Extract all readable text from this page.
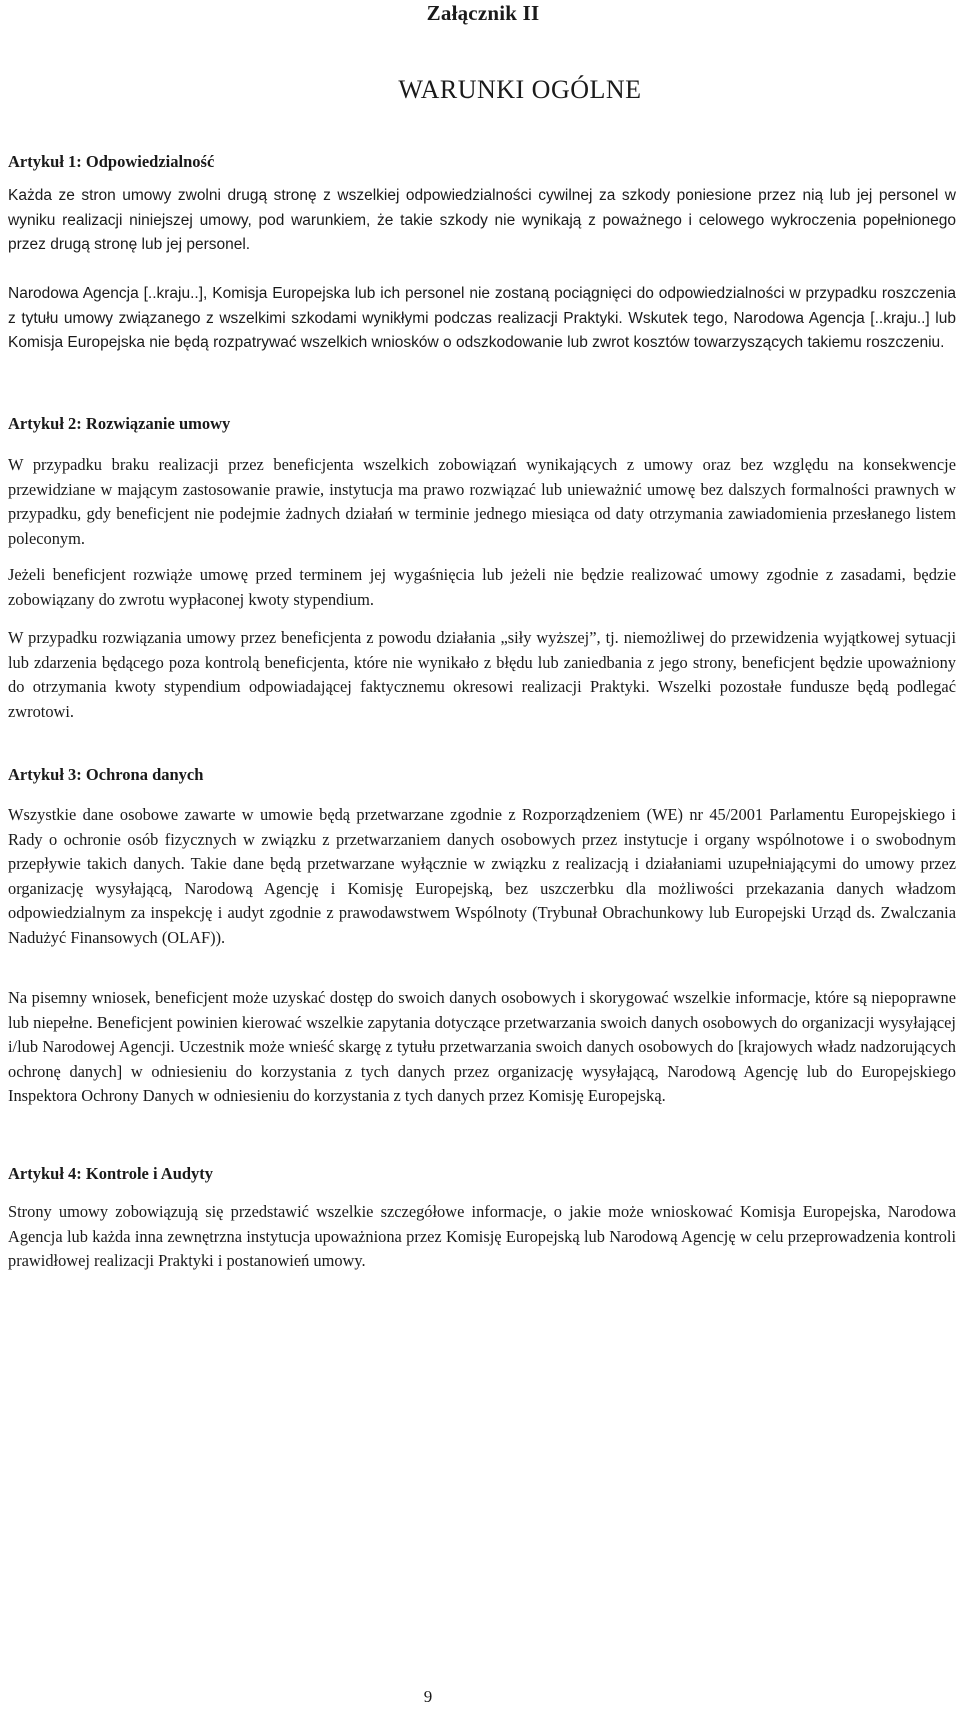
Załącznik II
WARUNKI OGÓLNE
Artykuł 1: Odpowiedzialność

Każda ze stron umowy zwolni drugą stronę z wszelkiej odpowiedzialności cywilnej za szkody poniesione przez nią lub jej personel w wyniku realizacji niniejszej umowy, pod warunkiem, że takie szkody nie wynikają z poważnego i celowego wykroczenia popełnionego przez drugą stronę lub jej personel.

Narodowa Agencja [..kraju..], Komisja Europejska lub ich personel nie zostaną pociągnięci do odpowiedzialności w przypadku roszczenia z tytułu umowy związanego z wszelkimi szkodami wynikłymi podczas realizacji Praktyki. Wskutek tego, Narodowa Agencja [..kraju..] lub Komisja Europejska nie będą rozpatrywać wszelkich wniosków o odszkodowanie lub zwrot kosztów towarzyszących takiemu roszczeniu.

Artykuł 2: Rozwiązanie umowy

W przypadku braku realizacji przez beneficjenta wszelkich zobowiązań wynikających z umowy oraz bez względu na konsekwencje przewidziane w mającym zastosowanie prawie, instytucja ma prawo rozwiązać lub unieważnić umowę bez dalszych formalności prawnych w przypadku, gdy beneficjent nie podejmie żadnych działań w terminie jednego miesiąca od daty otrzymania zawiadomienia przesłanego listem poleconym.

Jeżeli beneficjent rozwiąże umowę przed terminem jej wygaśnięcia lub jeżeli nie będzie realizować umowy zgodnie z zasadami, będzie zobowiązany do zwrotu wypłaconej kwoty stypendium.

W przypadku rozwiązania umowy przez beneficjenta z powodu działania „siły wyższej”, tj. niemożliwej do przewidzenia wyjątkowej sytuacji lub zdarzenia będącego poza kontrolą beneficjenta, które nie wynikało z błędu lub zaniedbania z jego strony, beneficjent będzie upoważniony do otrzymania kwoty stypendium odpowiadającej faktycznemu okresowi realizacji Praktyki. Wszelki pozostałe fundusze będą podlegać zwrotowi.

Artykuł 3: Ochrona danych

Wszystkie dane osobowe zawarte w umowie będą przetwarzane zgodnie z Rozporządzeniem (WE) nr 45/2001 Parlamentu Europejskiego i Rady o ochronie osób fizycznych w związku z przetwarzaniem danych osobowych przez instytucje i organy wspólnotowe i o swobodnym przepływie takich danych. Takie dane będą przetwarzane wyłącznie w związku z realizacją i działaniami uzupełniającymi do umowy przez organizację wysyłającą, Narodową Agencję i Komisję Europejską, bez uszczerbku dla możliwości przekazania danych władzom odpowiedzialnym za inspekcję i audyt zgodnie z prawodawstwem Wspólnoty (Trybunał Obrachunkowy lub Europejski Urząd ds. Zwalczania Nadużyć Finansowych (OLAF)).

Na pisemny wniosek, beneficjent może uzyskać dostęp do swoich danych osobowych i skorygować wszelkie informacje, które są niepoprawne lub niepełne. Beneficjent powinien kierować wszelkie zapytania dotyczące przetwarzania swoich danych osobowych do organizacji wysyłającej i/lub Narodowej Agencji. Uczestnik może wnieść skargę z tytułu przetwarzania swoich danych osobowych do [krajowych władz nadzorujących ochronę danych] w odniesieniu do korzystania z tych danych przez organizację wysyłającą, Narodową Agencję lub do Europejskiego Inspektora Ochrony Danych w odniesieniu do korzystania z tych danych przez Komisję Europejską.

Artykuł 4: Kontrole i Audyty

Strony umowy zobowiązują się przedstawić wszelkie szczegółowe informacje, o jakie może wnioskować Komisja Europejska, Narodowa Agencja lub każda inna zewnętrzna instytucja upoważniona przez Komisję Europejską lub Narodową Agencję w celu przeprowadzenia kontroli prawidłowej realizacji Praktyki i postanowień umowy.

9
